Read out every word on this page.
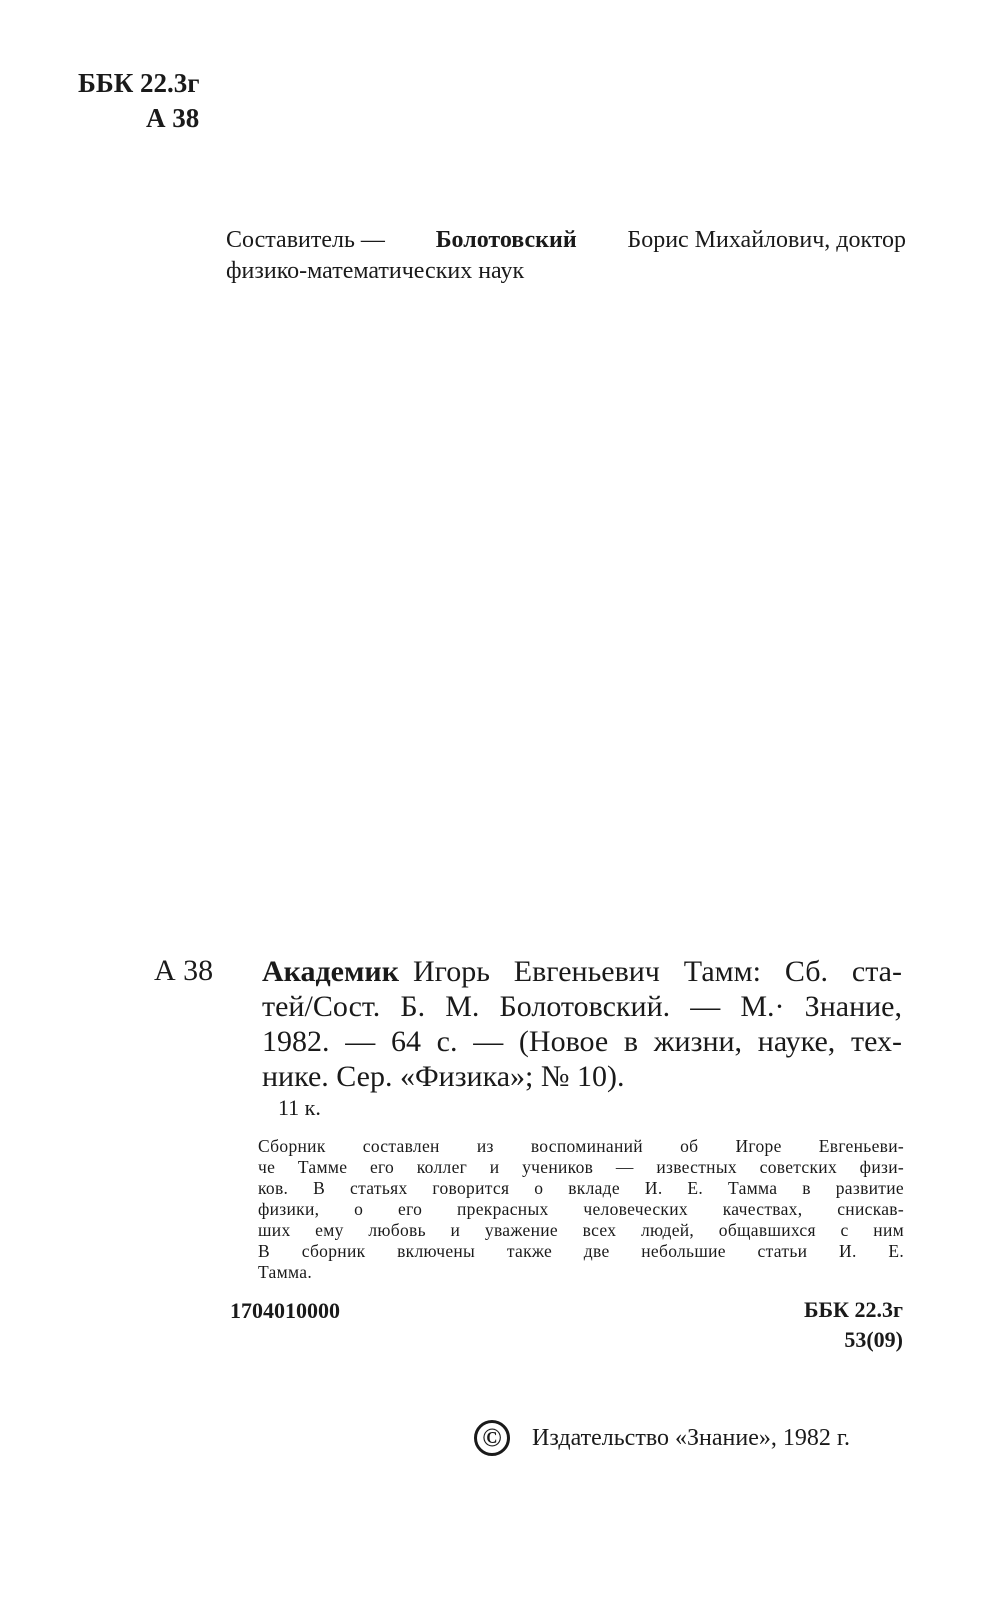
ББК 22.3г
А 38
Составитель — Болотовский Борис Михайлович, доктор
физико-математических наук
А 38 Академик Игорь Евгеньевич Тамм: Сб. ста-
тей/Сост. Б. М. Болотовский. — М.· Знание,
1982. — 64 с. — (Новое в жизни, науке, тех-
нике. Сер. «Физика»; № 10).
11 к.
Сборник составлен из воспоминаний об Игоре Евгеньеви-
че Тамме его коллег и учеников — известных советских физи-
ков. В статьях говорится о вкладе И. Е. Тамма в развитие
физики, о его прекрасных человеческих качествах, снискав-
ших ему любовь и уважение всех людей, общавшихся с ним
В сборник включены также две небольшие статьи И. Е.
Тамма.
1704010000	ББК 22.3г
53(09)
©	Издательство «Знание», 1982 г.
